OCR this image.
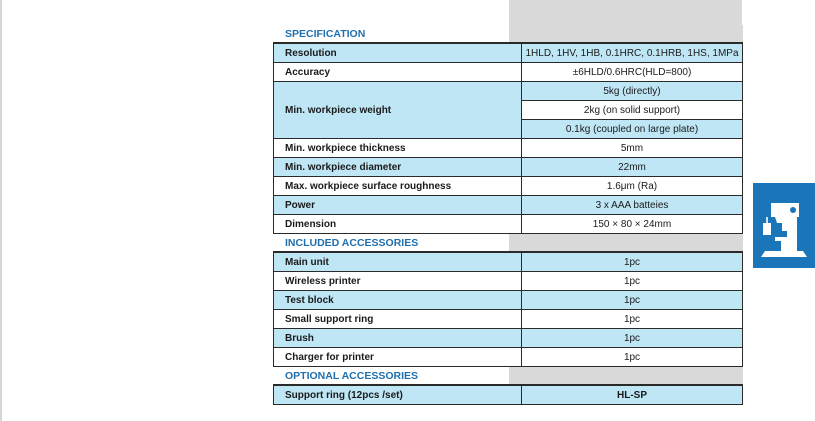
SPECIFICATION
Resolution	1HLD, 1HV, 1HB, 0.1HRC, 0.1HRB, 1HS, 1MPa
Accuracy	±6HLD/0.6HRC(HLD=800)
Min. workpiece weight	5kg (directly)
	2kg (on solid support)
	0.1kg (coupled on large plate)
Min. workpiece thickness	5mm
Min. workpiece diameter	22mm
Max. workpiece surface roughness	1.6μm (Ra)
Power	3 x AAA batteies
Dimension	150 × 80 × 24mm
INCLUDED ACCESSORIES
Main unit	1pc
Wireless printer	1pc
Test block	1pc
Small support ring	1pc
Brush	1pc
Charger for printer	1pc
OPTIONAL ACCESSORIES
Support ring (12pcs /set)	HL-SP
